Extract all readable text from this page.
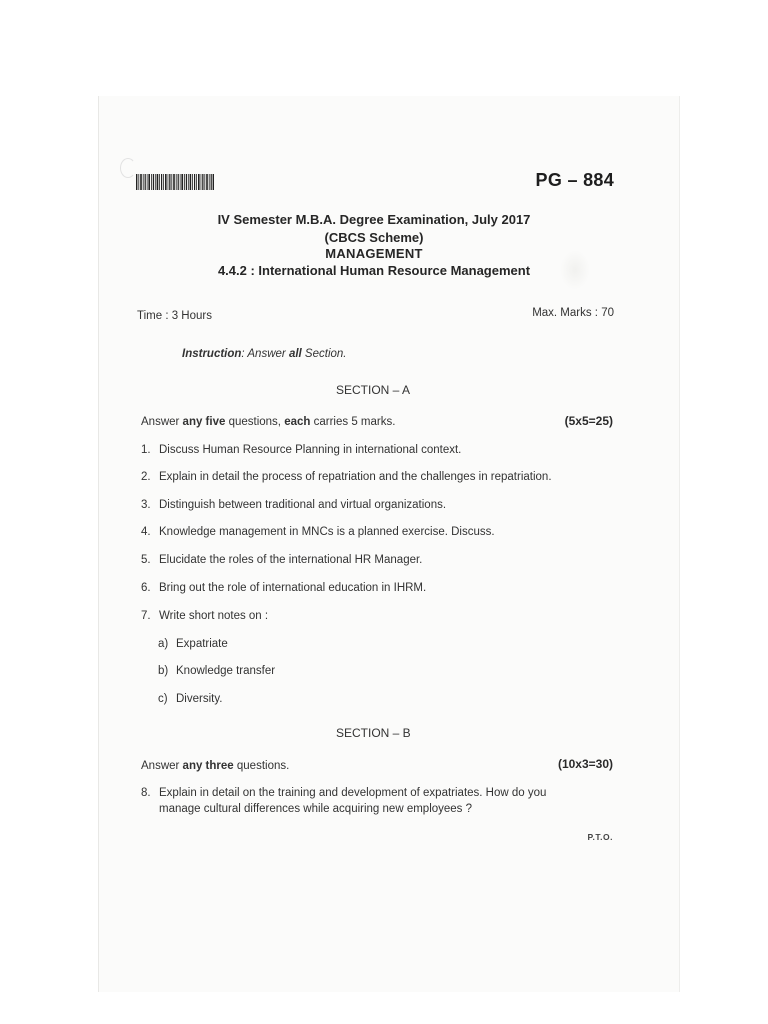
PG – 884
IV Semester M.B.A. Degree Examination, July 2017
(CBCS Scheme)
MANAGEMENT
4.4.2 : International Human Resource Management
Time : 3 Hours	Max. Marks : 70
Instruction: Answer all Section.
SECTION – A
Answer any five questions, each carries 5 marks.	(5x5=25)
1. Discuss Human Resource Planning in international context.
2. Explain in detail the process of repatriation and the challenges in repatriation.
3. Distinguish between traditional and virtual organizations.
4. Knowledge management in MNCs is a planned exercise. Discuss.
5. Elucidate the roles of the international HR Manager.
6. Bring out the role of international education in IHRM.
7. Write short notes on :
a) Expatriate
b) Knowledge transfer
c) Diversity.
SECTION – B
Answer any three questions.	(10x3=30)
8. Explain in detail on the training and development of expatriates. How do you
manage cultural differences while acquiring new employees ?
P.T.O.
